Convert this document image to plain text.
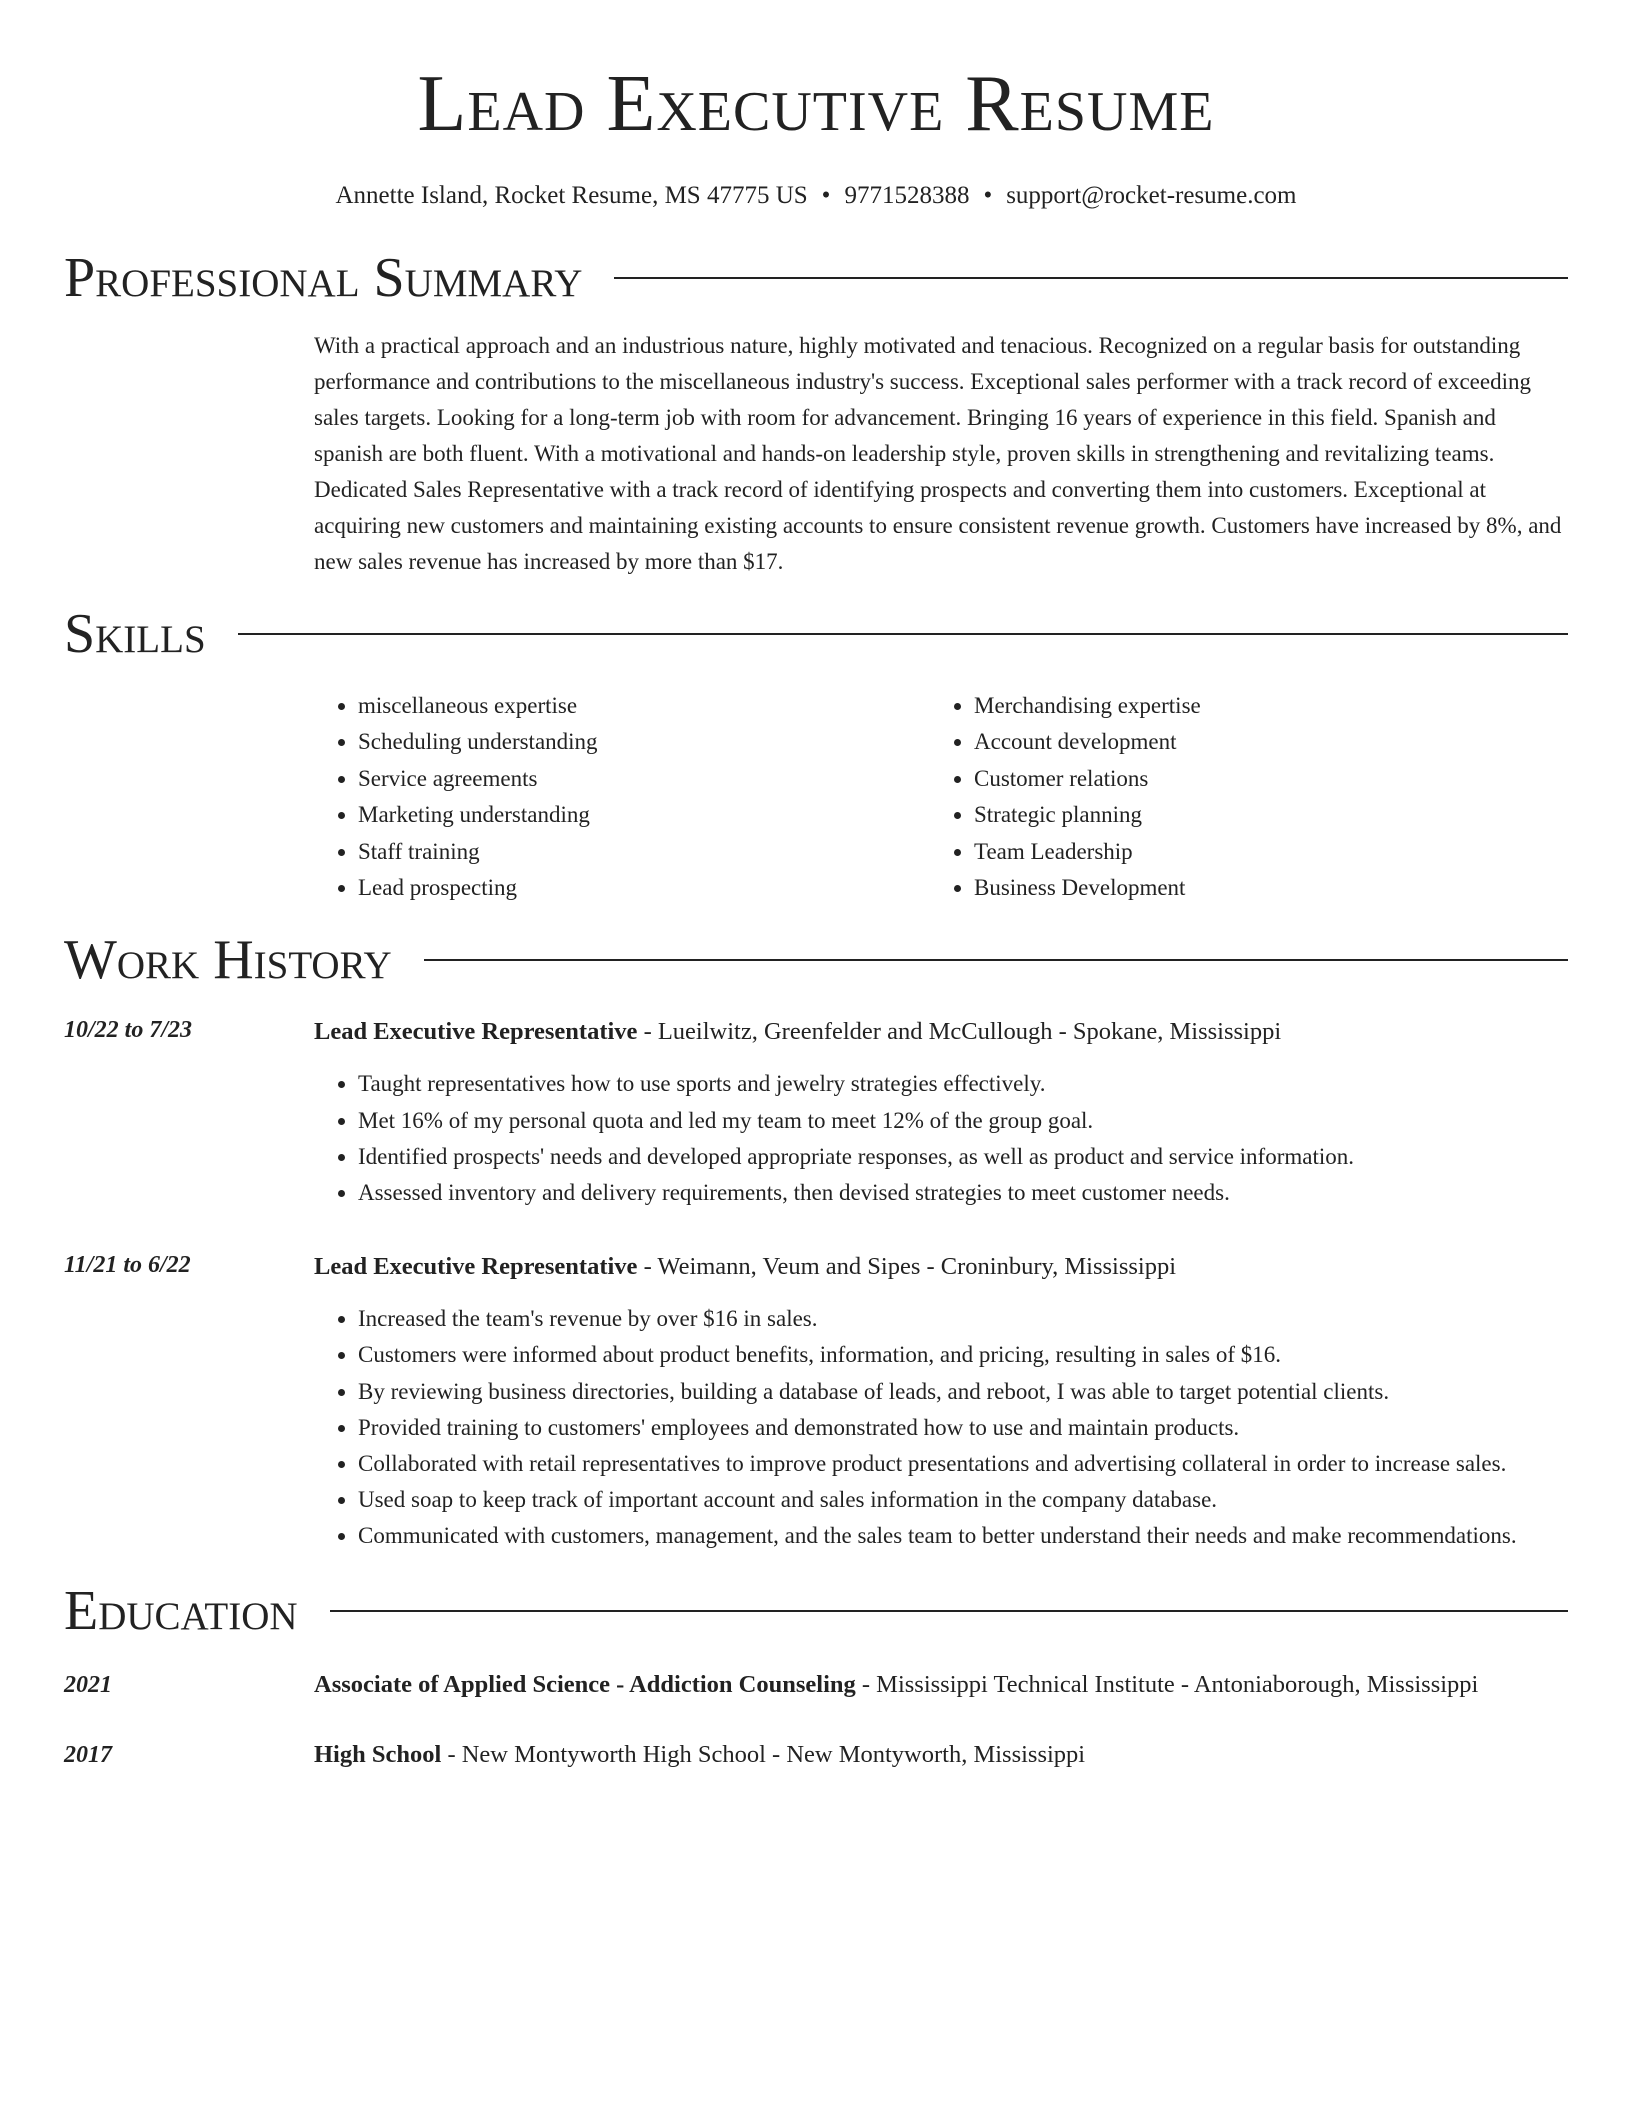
Lead Executive Resume
Annette Island, Rocket Resume, MS 47775 US • 9771528388 • support@rocket-resume.com
Professional Summary
With a practical approach and an industrious nature, highly motivated and tenacious. Recognized on a regular basis for outstanding performance and contributions to the miscellaneous industry's success. Exceptional sales performer with a track record of exceeding sales targets. Looking for a long-term job with room for advancement. Bringing 16 years of experience in this field. Spanish and spanish are both fluent. With a motivational and hands-on leadership style, proven skills in strengthening and revitalizing teams. Dedicated Sales Representative with a track record of identifying prospects and converting them into customers. Exceptional at acquiring new customers and maintaining existing accounts to ensure consistent revenue growth. Customers have increased by 8%, and new sales revenue has increased by more than $17.
Skills
• miscellaneous expertise
• Scheduling understanding
• Service agreements
• Marketing understanding
• Staff training
• Lead prospecting
• Merchandising expertise
• Account development
• Customer relations
• Strategic planning
• Team Leadership
• Business Development
Work History
10/22 to 7/23	Lead Executive Representative - Lueilwitz, Greenfelder and McCullough - Spokane, Mississippi
• Taught representatives how to use sports and jewelry strategies effectively.
• Met 16% of my personal quota and led my team to meet 12% of the group goal.
• Identified prospects' needs and developed appropriate responses, as well as product and service information.
• Assessed inventory and delivery requirements, then devised strategies to meet customer needs.
11/21 to 6/22	Lead Executive Representative - Weimann, Veum and Sipes - Croninbury, Mississippi
• Increased the team's revenue by over $16 in sales.
• Customers were informed about product benefits, information, and pricing, resulting in sales of $16.
• By reviewing business directories, building a database of leads, and reboot, I was able to target potential clients.
• Provided training to customers' employees and demonstrated how to use and maintain products.
• Collaborated with retail representatives to improve product presentations and advertising collateral in order to increase sales.
• Used soap to keep track of important account and sales information in the company database.
• Communicated with customers, management, and the sales team to better understand their needs and make recommendations.
Education
2021	Associate of Applied Science - Addiction Counseling - Mississippi Technical Institute - Antoniaborough, Mississippi
2017	High School - New Montyworth High School - New Montyworth, Mississippi
